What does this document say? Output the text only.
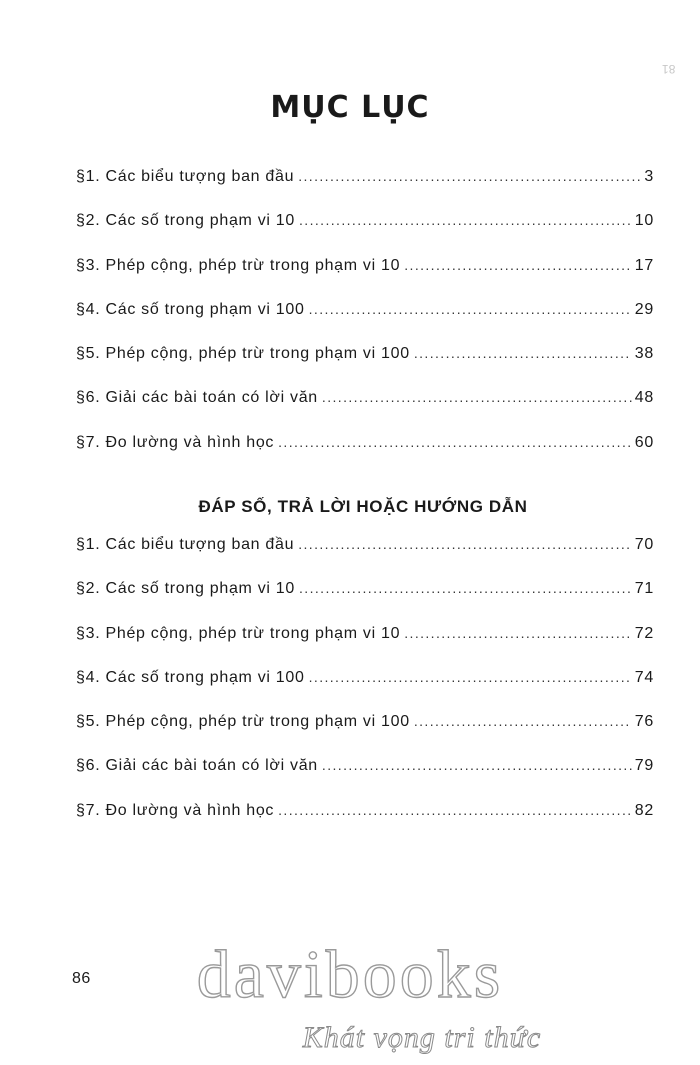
81
MỤC LỤC
§1. Các biểu tượng ban đầu .....	3
§2. Các số trong phạm vi 10 .....	10
§3. Phép cộng, phép trừ trong phạm vi 10 .....	17
§4. Các số trong phạm vi 100 .....	29
§5. Phép cộng, phép trừ trong phạm vi 100 .....	38
§6. Giải các bài toán có lời văn .....	48
§7. Đo lường và hình học .....	60
ĐÁP SỐ, TRẢ LỜI HOẶC HƯỚNG DẪN
§1. Các biểu tượng ban đầu .....	70
§2. Các số trong phạm vi 10 .....	71
§3. Phép cộng, phép trừ trong phạm vi 10 .....	72
§4. Các số trong phạm vi 100 .....	74
§5. Phép cộng, phép trừ trong phạm vi 100 .....	76
§6. Giải các bài toán có lời văn .....	79
§7. Đo lường và hình học .....	82
86 davibooks
Khát vọng tri thức
